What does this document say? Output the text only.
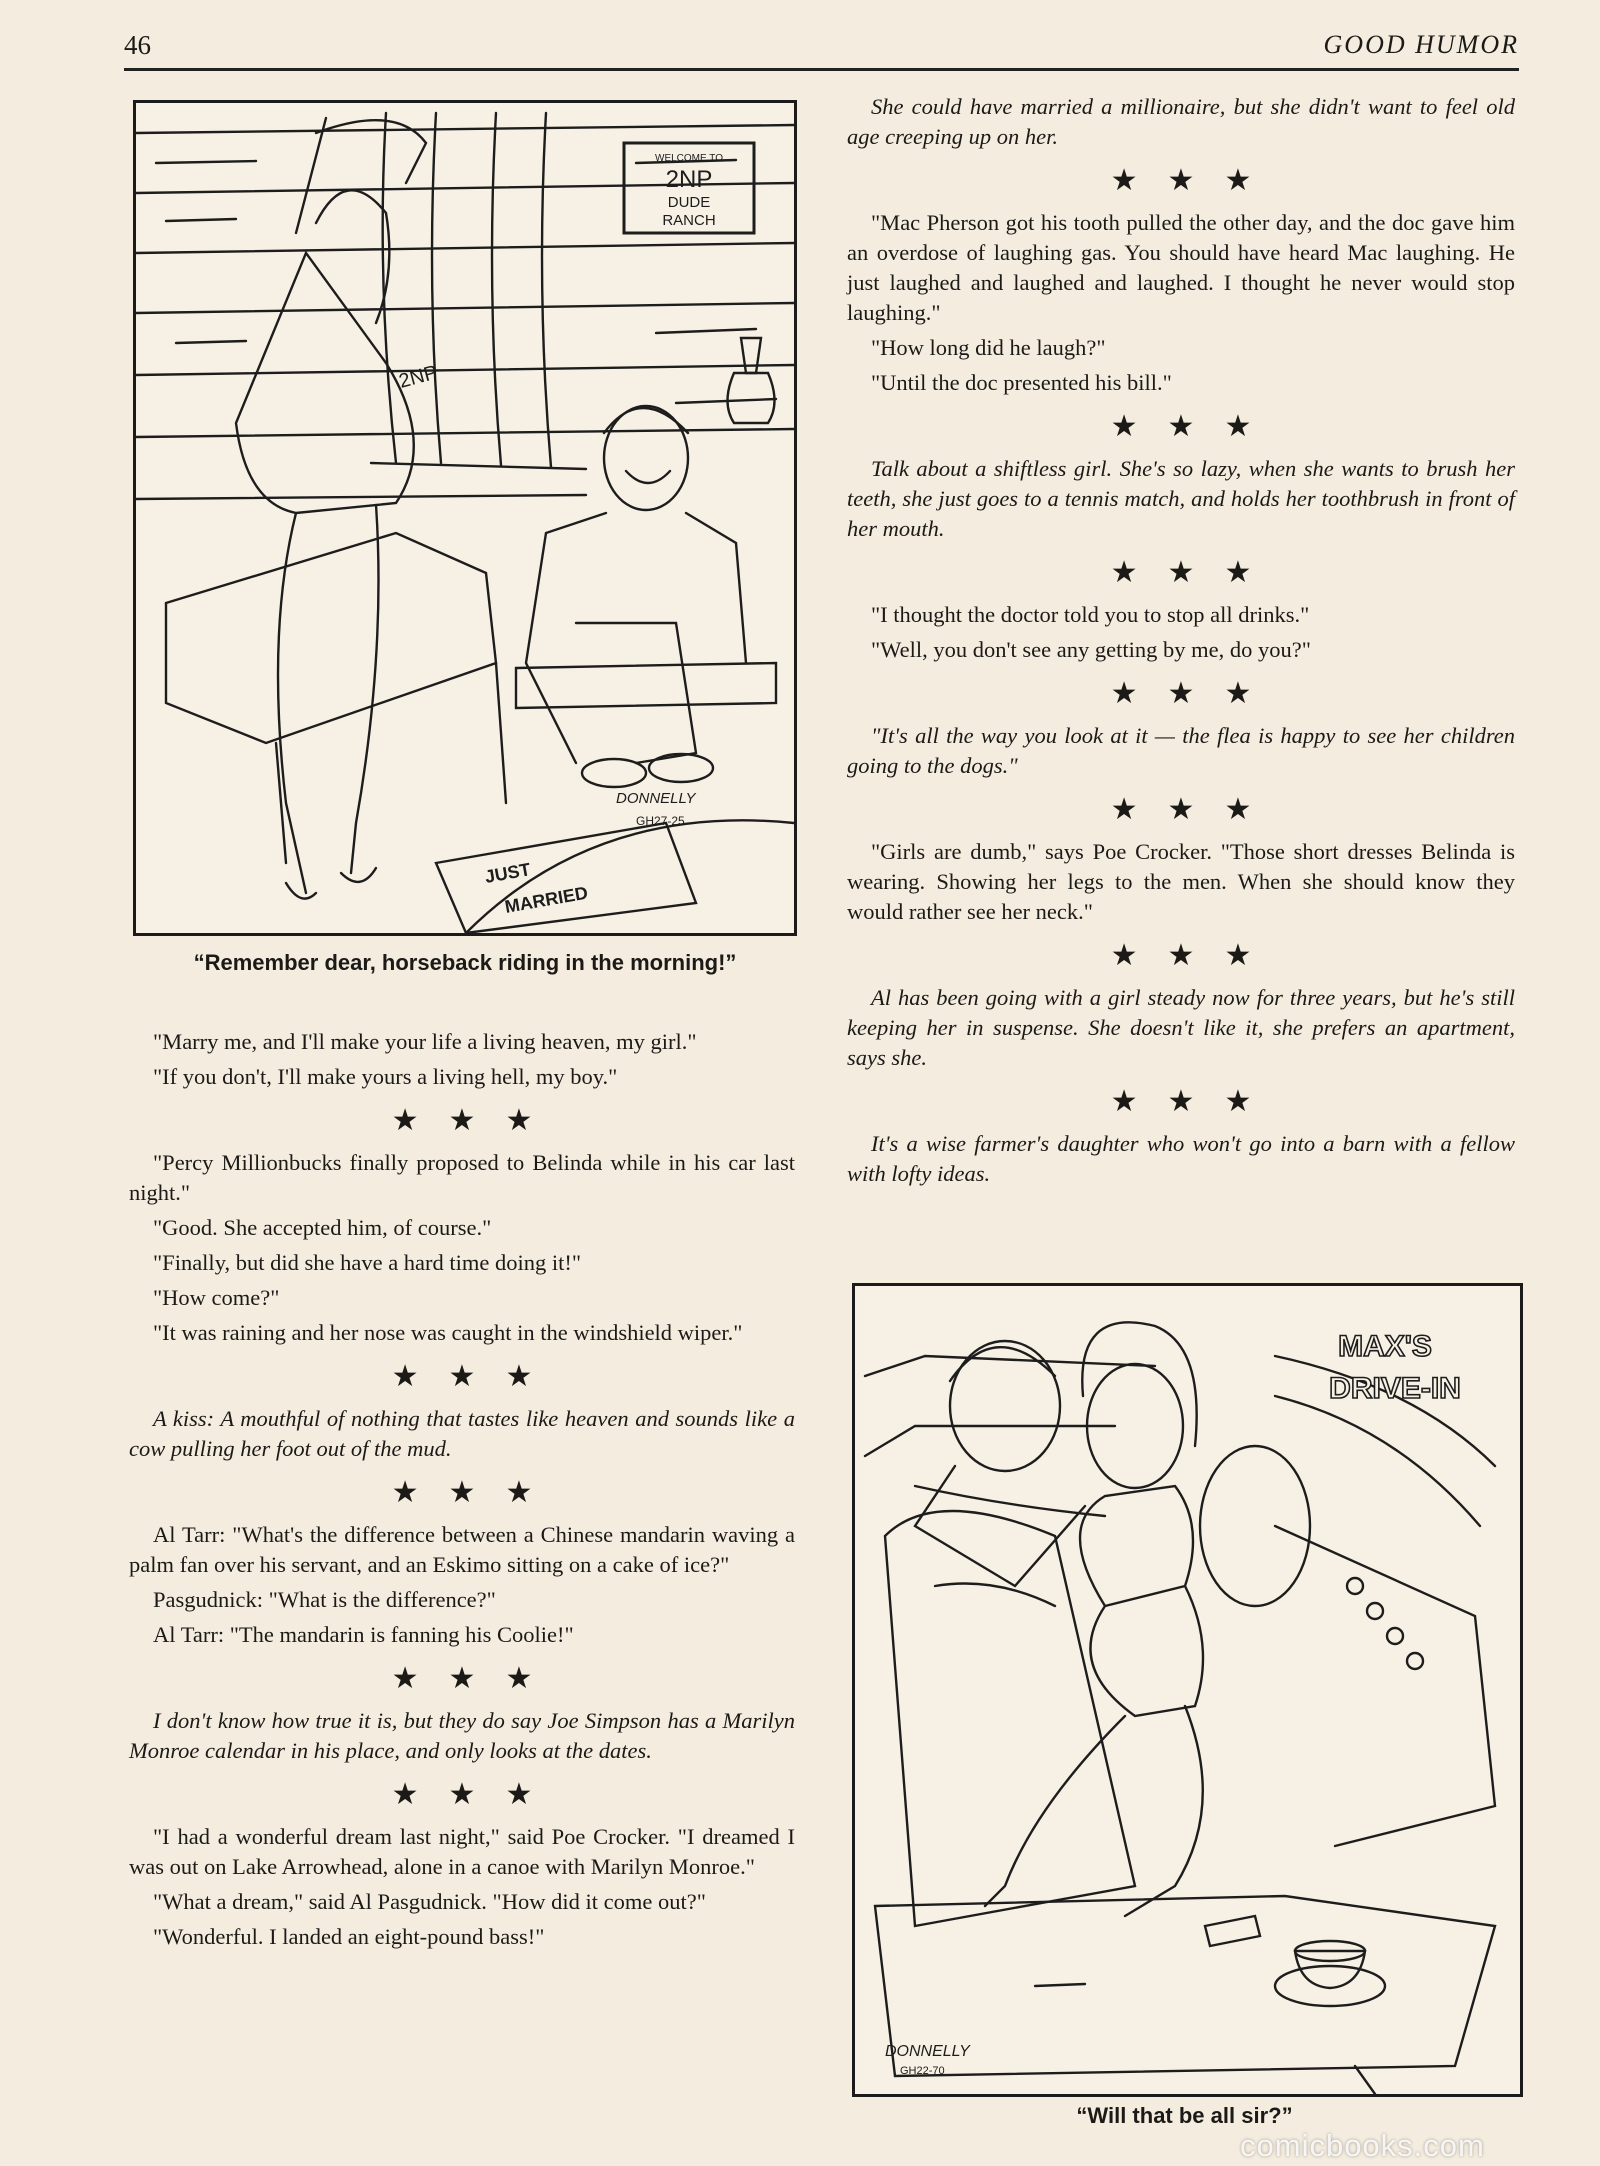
46	GOOD HUMOR
WELCOME TO
2NP
DUDE
RANCH
2NP
JUST
MARRIED
DONNELLY
GH27-25
“Remember dear, horseback riding in the morning!”

"Marry me, and I'll make your life a living heaven, my girl."

"If you don't, I'll make yours a living hell, my boy."

★★★

"Percy Millionbucks finally proposed to Belinda while in his car last night."

"Good. She accepted him, of course."

"Finally, but did she have a hard time doing it!"

"How come?"

"It was raining and her nose was caught in the windshield wiper."

★★★

A kiss: A mouthful of nothing that tastes like heaven and sounds like a cow pulling her foot out of the mud.

★★★

Al Tarr: "What's the difference between a Chinese mandarin waving a palm fan over his servant, and an Eskimo sitting on a cake of ice?"

Pasgudnick: "What is the difference?"

Al Tarr: "The mandarin is fanning his Coolie!"

★★★

I don't know how true it is, but they do say Joe Simpson has a Marilyn Monroe calendar in his place, and only looks at the dates.

★★★

"I had a wonderful dream last night," said Poe Crocker. "I dreamed I was out on Lake Arrowhead, alone in a canoe with Marilyn Monroe."

"What a dream," said Al Pasgudnick. "How did it come out?"

"Wonderful. I landed an eight-pound bass!"

She could have married a millionaire, but she didn't want to feel old age creeping up on her.

★★★

"Mac Pherson got his tooth pulled the other day, and the doc gave him an overdose of laughing gas. You should have heard Mac laughing. He just laughed and laughed and laughed. I thought he never would stop laughing."

"How long did he laugh?"

"Until the doc presented his bill."

★★★

Talk about a shiftless girl. She's so lazy, when she wants to brush her teeth, she just goes to a tennis match, and holds her toothbrush in front of her mouth.

★★★

"I thought the doctor told you to stop all drinks."

"Well, you don't see any getting by me, do you?"

★★★

"It's all the way you look at it — the flea is happy to see her children going to the dogs."

★★★

"Girls are dumb," says Poe Crocker. "Those short dresses Belinda is wearing. Showing her legs to the men. When she should know they would rather see her neck."

★★★

Al has been going with a girl steady now for three years, but he's still keeping her in suspense. She doesn't like it, she prefers an apartment, says she.

★★★

It's a wise farmer's daughter who won't go into a barn with a fellow with lofty ideas.

MAX'S
DRIVE-IN
DONNELLY
GH22-70
“Will that be all sir?”
comicbooks.com
